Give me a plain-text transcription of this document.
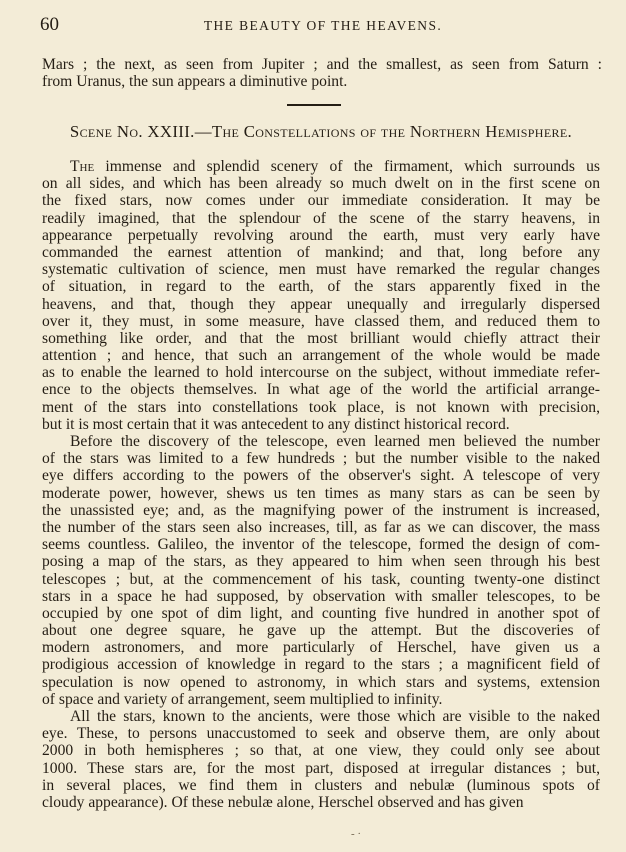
60	THE BEAUTY OF THE HEAVENS.
Mars ; the next, as seen from Jupiter ; and the smallest, as seen from Saturn :
from Uranus, the sun appears a diminutive point.
Scene No. XXIII.—The Constellations of the Northern Hemisphere.
The immense and splendid scenery of the firmament, which surrounds us
on all sides, and which has been already so much dwelt on in the first scene on
the fixed stars, now comes under our immediate consideration. It may be
readily imagined, that the splendour of the scene of the starry heavens, in
appearance perpetually revolving around the earth, must very early have
commanded the earnest attention of mankind; and that, long before any
systematic cultivation of science, men must have remarked the regular changes
of situation, in regard to the earth, of the stars apparently fixed in the
heavens, and that, though they appear unequally and irregularly dispersed
over it, they must, in some measure, have classed them, and reduced them to
something like order, and that the most brilliant would chiefly attract their
attention ; and hence, that such an arrangement of the whole would be made
as to enable the learned to hold intercourse on the subject, without immediate refer-
ence to the objects themselves. In what age of the world the artificial arrange-
ment of the stars into constellations took place, is not known with precision,
but it is most certain that it was antecedent to any distinct historical record.
Before the discovery of the telescope, even learned men believed the number
of the stars was limited to a few hundreds ; but the number visible to the naked
eye differs according to the powers of the observer's sight. A telescope of very
moderate power, however, shews us ten times as many stars as can be seen by
the unassisted eye; and, as the magnifying power of the instrument is increased,
the number of the stars seen also increases, till, as far as we can discover, the mass
seems countless. Galileo, the inventor of the telescope, formed the design of com-
posing a map of the stars, as they appeared to him when seen through his best
telescopes ; but, at the commencement of his task, counting twenty-one distinct
stars in a space he had supposed, by observation with smaller telescopes, to be
occupied by one spot of dim light, and counting five hundred in another spot of
about one degree square, he gave up the attempt. But the discoveries of
modern astronomers, and more particularly of Herschel, have given us a
prodigious accession of knowledge in regard to the stars ; a magnificent field of
speculation is now opened to astronomy, in which stars and systems, extension
of space and variety of arrangement, seem multiplied to infinity.
All the stars, known to the ancients, were those which are visible to the naked
eye. These, to persons unaccustomed to seek and observe them, are only about
2000 in both hemispheres ; so that, at one view, they could only see about
1000. These stars are, for the most part, disposed at irregular distances ; but,
in several places, we find them in clusters and nebulæ (luminous spots of
cloudy appearance). Of these nebulæ alone, Herschel observed and has given
- ·
